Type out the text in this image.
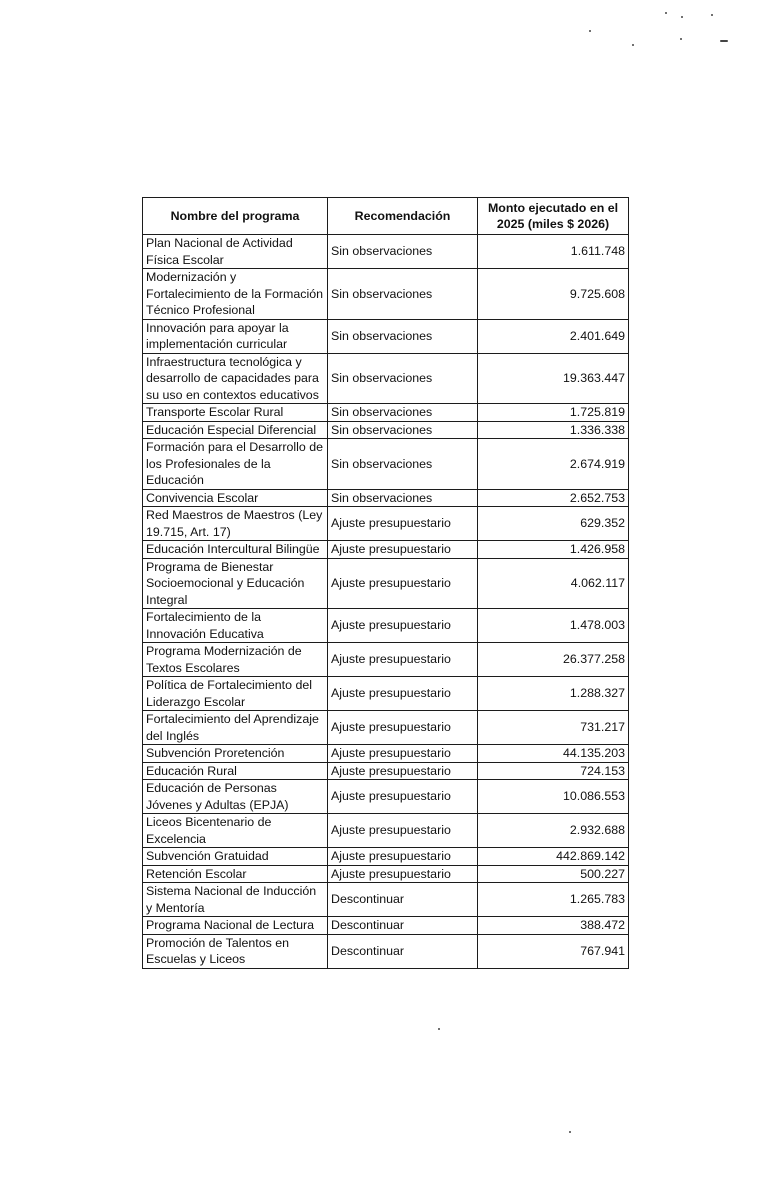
Nombre del programa	Recomendación	Monto ejecutado en el 2025 (miles $ 2026)
Plan Nacional de Actividad Física Escolar	Sin observaciones	1.611.748
Modernización y Fortalecimiento de la Formación Técnico Profesional	Sin observaciones	9.725.608
Innovación para apoyar la implementación curricular	Sin observaciones	2.401.649
Infraestructura tecnológica y desarrollo de capacidades para su uso en contextos educativos	Sin observaciones	19.363.447
Transporte Escolar Rural	Sin observaciones	1.725.819
Educación Especial Diferencial	Sin observaciones	1.336.338
Formación para el Desarrollo de los Profesionales de la Educación	Sin observaciones	2.674.919
Convivencia Escolar	Sin observaciones	2.652.753
Red Maestros de Maestros (Ley 19.715, Art. 17)	Ajuste presupuestario	629.352
Educación Intercultural Bilingüe	Ajuste presupuestario	1.426.958
Programa de Bienestar Socioemocional y Educación Integral	Ajuste presupuestario	4.062.117
Fortalecimiento de la Innovación Educativa	Ajuste presupuestario	1.478.003
Programa Modernización de Textos Escolares	Ajuste presupuestario	26.377.258
Política de Fortalecimiento del Liderazgo Escolar	Ajuste presupuestario	1.288.327
Fortalecimiento del Aprendizaje del Inglés	Ajuste presupuestario	731.217
Subvención Proretención	Ajuste presupuestario	44.135.203
Educación Rural	Ajuste presupuestario	724.153
Educación de Personas Jóvenes y Adultas (EPJA)	Ajuste presupuestario	10.086.553
Liceos Bicentenario de Excelencia	Ajuste presupuestario	2.932.688
Subvención Gratuidad	Ajuste presupuestario	442.869.142
Retención Escolar	Ajuste presupuestario	500.227
Sistema Nacional de Inducción y Mentoría	Descontinuar	1.265.783
Programa Nacional de Lectura	Descontinuar	388.472
Promoción de Talentos en Escuelas y Liceos	Descontinuar	767.941
